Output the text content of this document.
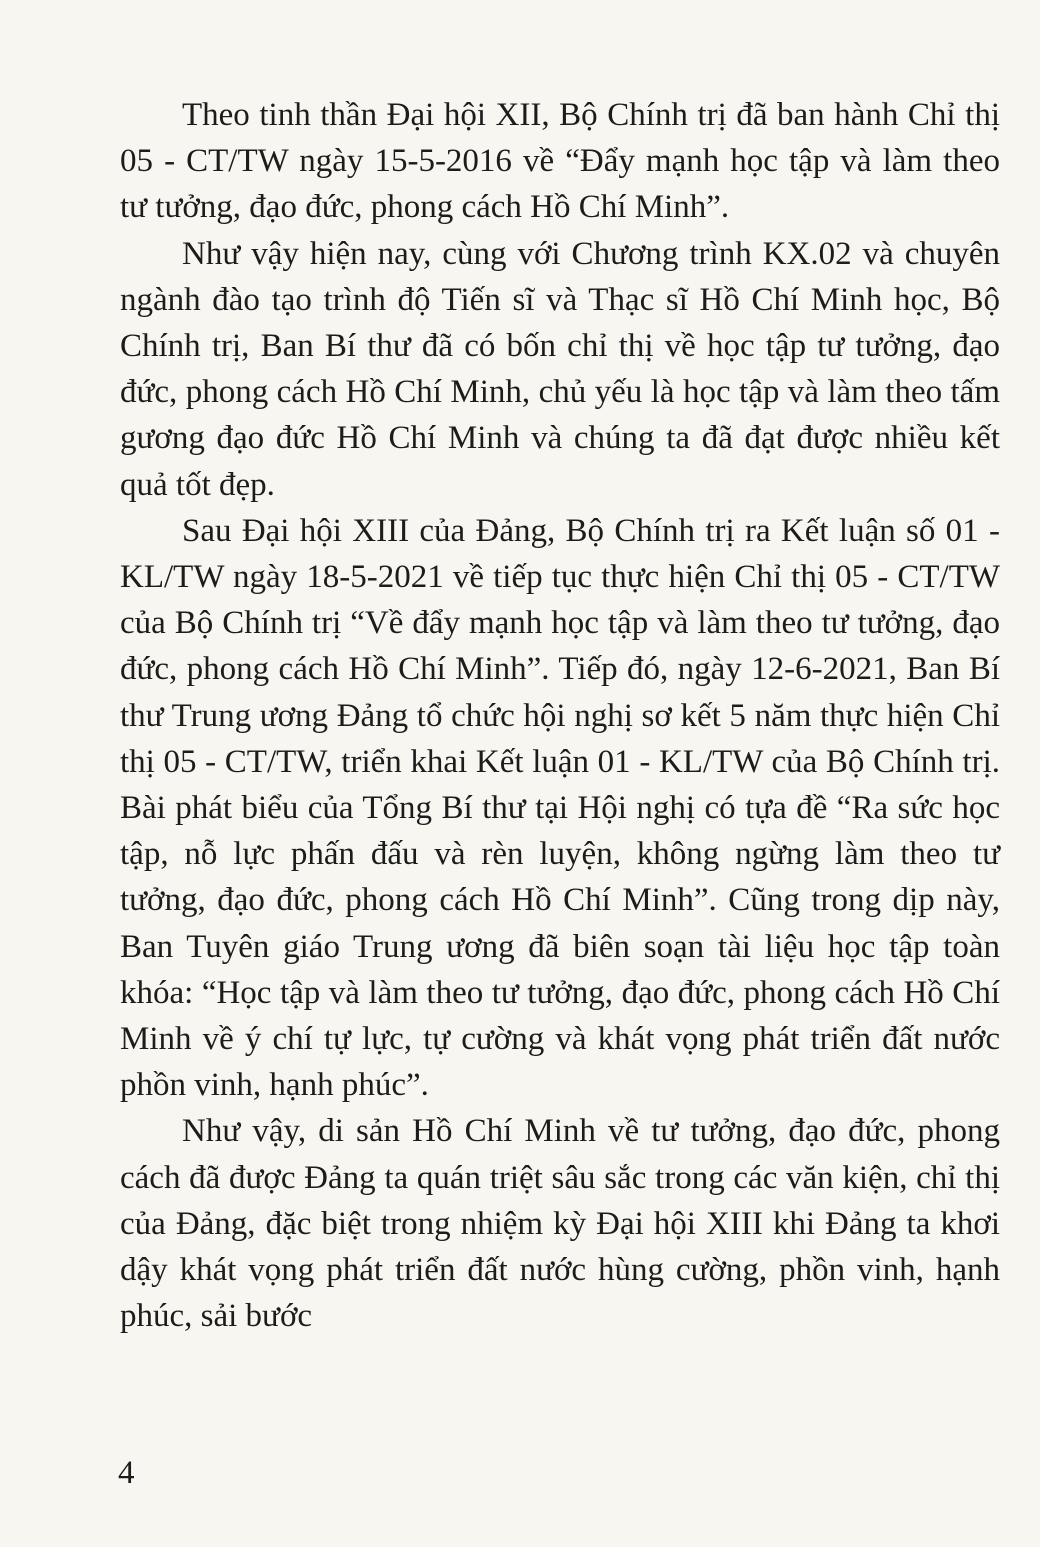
Theo tinh thần Đại hội XII, Bộ Chính trị đã ban hành Chỉ thị 05 - CT/TW ngày 15-5-2016 về “Đẩy mạnh học tập và làm theo tư tưởng, đạo đức, phong cách Hồ Chí Minh”.

Như vậy hiện nay, cùng với Chương trình KX.02 và chuyên ngành đào tạo trình độ Tiến sĩ và Thạc sĩ Hồ Chí Minh học, Bộ Chính trị, Ban Bí thư đã có bốn chỉ thị về học tập tư tưởng, đạo đức, phong cách Hồ Chí Minh, chủ yếu là học tập và làm theo tấm gương đạo đức Hồ Chí Minh và chúng ta đã đạt được nhiều kết quả tốt đẹp.

Sau Đại hội XIII của Đảng, Bộ Chính trị ra Kết luận số 01 - KL/TW ngày 18-5-2021 về tiếp tục thực hiện Chỉ thị 05 - CT/TW của Bộ Chính trị “Về đẩy mạnh học tập và làm theo tư tưởng, đạo đức, phong cách Hồ Chí Minh”. Tiếp đó, ngày 12-6-2021, Ban Bí thư Trung ương Đảng tổ chức hội nghị sơ kết 5 năm thực hiện Chỉ thị 05 - CT/TW, triển khai Kết luận 01 - KL/TW của Bộ Chính trị. Bài phát biểu của Tổng Bí thư tại Hội nghị có tựa đề “Ra sức học tập, nỗ lực phấn đấu và rèn luyện, không ngừng làm theo tư tưởng, đạo đức, phong cách Hồ Chí Minh”. Cũng trong dịp này, Ban Tuyên giáo Trung ương đã biên soạn tài liệu học tập toàn khóa: “Học tập và làm theo tư tưởng, đạo đức, phong cách Hồ Chí Minh về ý chí tự lực, tự cường và khát vọng phát triển đất nước phồn vinh, hạnh phúc”.

Như vậy, di sản Hồ Chí Minh về tư tưởng, đạo đức, phong cách đã được Đảng ta quán triệt sâu sắc trong các văn kiện, chỉ thị của Đảng, đặc biệt trong nhiệm kỳ Đại hội XIII khi Đảng ta khơi dậy khát vọng phát triển đất nước hùng cường, phồn vinh, hạnh phúc, sải bước

4
